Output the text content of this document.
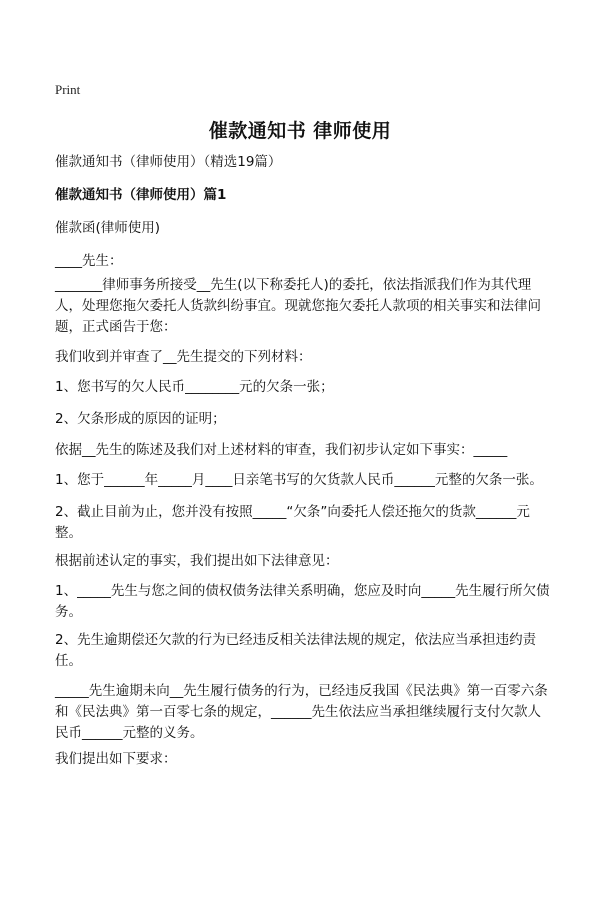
Print
催款通知书 律师使用
催款通知书（律师使用）（精选19篇）
催款通知书（律师使用）篇1
催款函(律师使用)
____先生：
_______律师事务所接受__先生(以下称委托人)的委托，依法指派我们作为其代理人，处理您拖欠委托人货款纠纷事宜。现就您拖欠委托人款项的相关事实和法律问题，正式函告于您：
我们收到并审查了__先生提交的下列材料：
1、您书写的欠人民币________元的欠条一张；
2、欠条形成的原因的证明；
依据__先生的陈述及我们对上述材料的审查，我们初步认定如下事实：_____
1、您于______年_____月____日亲笔书写的欠货款人民币______元整的欠条一张。
2、截止目前为止，您并没有按照_____“欠条”向委托人偿还拖欠的货款______元整。
根据前述认定的事实，我们提出如下法律意见：
1、_____先生与您之间的债权债务法律关系明确，您应及时向_____先生履行所欠债务。
2、先生逾期偿还欠款的行为已经违反相关法律法规的规定，依法应当承担违约责任。
_____先生逾期未向__先生履行债务的行为，已经违反我国《民法典》第一百零六条和《民法典》第一百零七条的规定，______先生依法应当承担继续履行支付欠款人民币______元整的义务。
我们提出如下要求：
